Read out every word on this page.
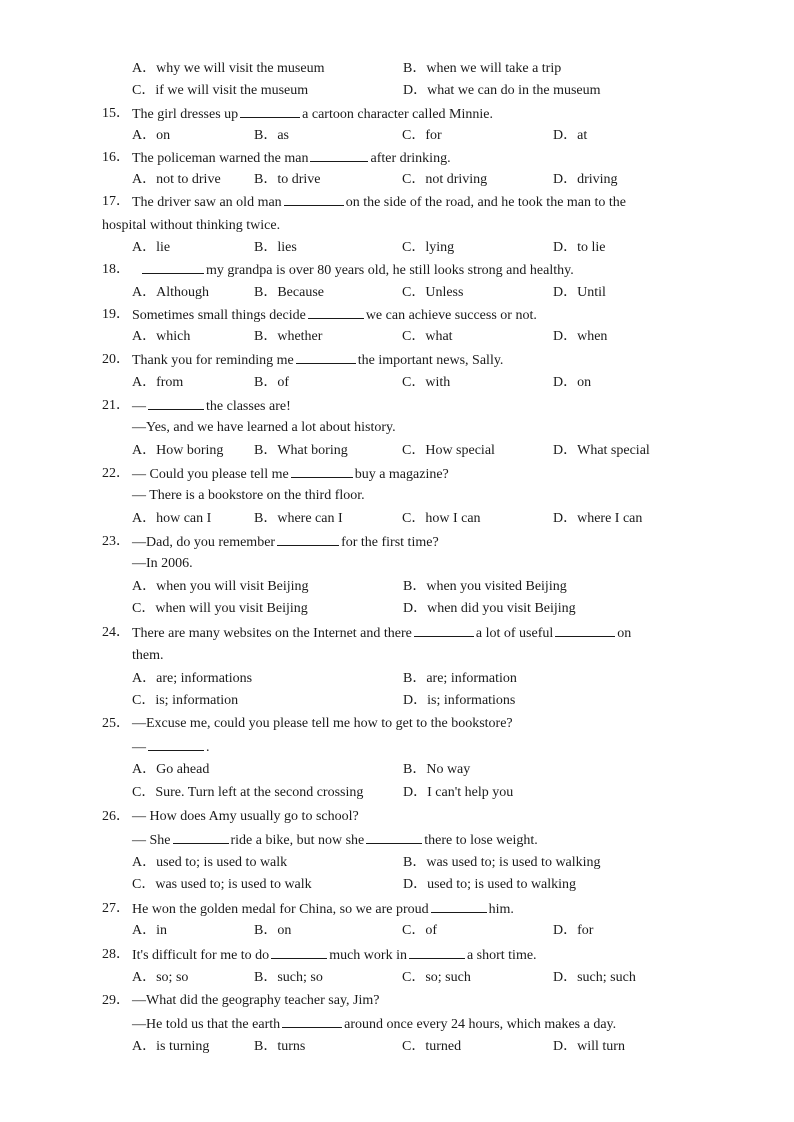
A．why we will visit the museum	B．when we will take a trip
C．if we will visit the museum	D．what we can do in the museum
15． The girl dresses up	a cartoon character called Minnie.
A．on	B．as	C．for	D．at
16． The policeman warned the man	after drinking.
A．not to drive B．to drive	C．not driving	D．driving
17． The driver saw an old man	on the side of the road, and he took the man to the
hospital without thinking twice.
A．lie	B．lies	C．lying	D．to lie
18．	my grandpa is over 80 years old, he still looks strong and healthy.
A．Although	B．Because	C．Unless	D．Until
19． Sometimes small things decide	we can achieve success or not.
A．which	B．whether	C．what	D．when
20． Thank you for reminding me	the important news, Sally.
A．from	B．of	C．with	D．on
21． —	the classes are!
—Yes, and we have learned a lot about history.
A．How boring B．What boring	C．How special	D．What special
22． — Could you please tell me	buy a magazine?
— There is a bookstore on the third floor.
A．how can I	B．where can I	C．how I can	D．where I can
23． —Dad, do you remember	for the first time?
—In 2006.
A．when you will visit Beijing	B．when you visited Beijing
C．when will you visit Beijing	D．when did you visit Beijing
24． There are many websites on the Internet and there	a lot of useful	on
them.
A．are; informations	B．are; information
C．is; information	D．is; informations
25． —Excuse me, could you please tell me how to get to the bookstore?
—	.
A．Go ahead	B．No way
C．Sure. Turn left at the second crossing	D．I can't help you
26． — How does Amy usually go to school?
— She	ride a bike, but now she	there to lose weight.
A．used to; is used to walk	B．was used to; is used to walking
C．was used to; is used to walk	D．used to; is used to walking
27． He won the golden medal for China, so we are proud	him.
A．in	B．on	C．of	D．for
28． It's difficult for me to do	much work in	a short time.
A．so; so	B．such; so	C．so; such	D．such; such
29． —What did the geography teacher say, Jim?
—He told us that the earth	around once every 24 hours, which makes a day.
A．is turning	B．turns	C．turned	D．will turn
